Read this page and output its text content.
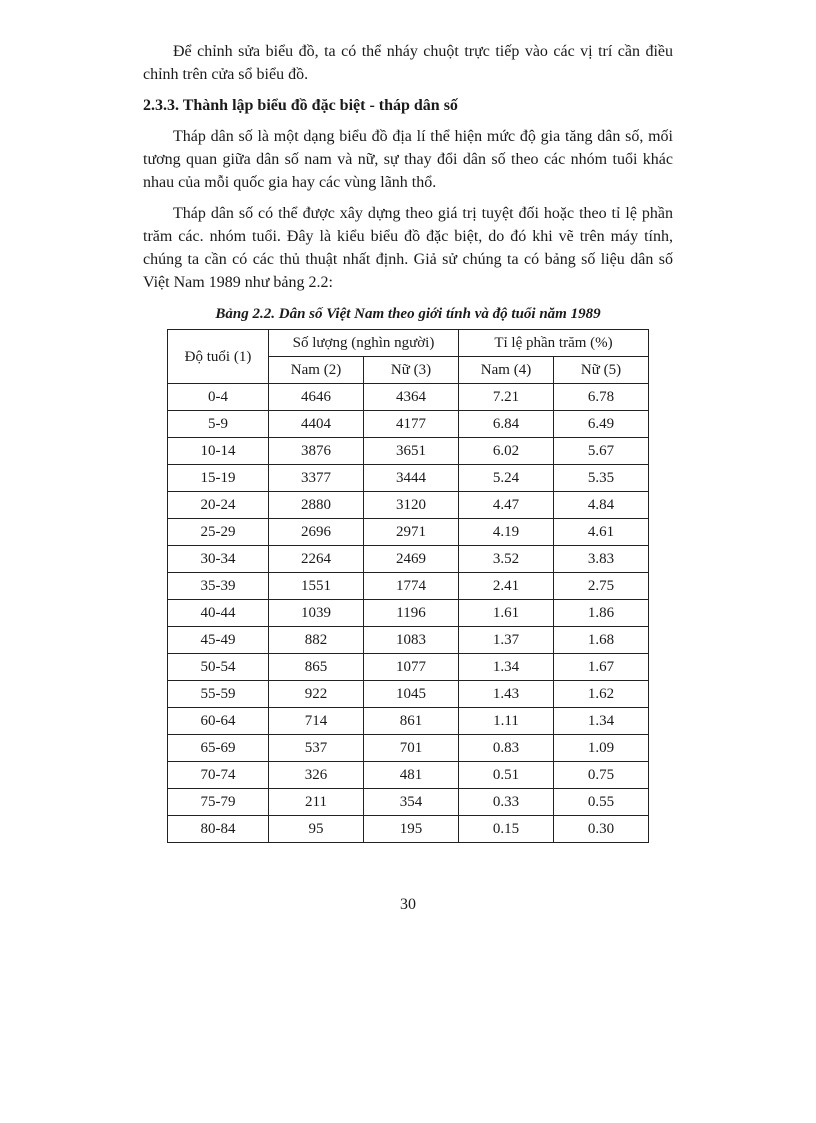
Để chỉnh sửa biểu đồ, ta có thể nháy chuột trực tiếp vào các vị trí cần điều chỉnh trên cửa sổ biểu đồ.

2.3.3. Thành lập biểu đồ đặc biệt - tháp dân số

Tháp dân số là một dạng biểu đồ địa lí thể hiện mức độ gia tăng dân số, mối tương quan giữa dân số nam và nữ, sự thay đổi dân số theo các nhóm tuổi khác nhau của mỗi quốc gia hay các vùng lãnh thổ.

Tháp dân số có thể được xây dựng theo giá trị tuyệt đối hoặc theo tỉ lệ phần trăm các. nhóm tuổi. Đây là kiểu biểu đồ đặc biệt, do đó khi vẽ trên máy tính, chúng ta cần có các thủ thuật nhất định. Giả sử chúng ta có bảng số liệu dân số Việt Nam 1989 như bảng 2.2:

Bảng 2.2. Dân số Việt Nam theo giới tính và độ tuổi năm 1989
Độ tuổi (1)	Số lượng (nghìn người)		Tỉ lệ phần trăm (%)	
	Nam (2)	Nữ (3)	Nam (4)	Nữ (5)
0-4	4646	4364	7.21	6.78
5-9	4404	4177	6.84	6.49
10-14	3876	3651	6.02	5.67
15-19	3377	3444	5.24	5.35
20-24	2880	3120	4.47	4.84
25-29	2696	2971	4.19	4.61
30-34	2264	2469	3.52	3.83
35-39	1551	1774	2.41	2.75
40-44	1039	1196	1.61	1.86
45-49	882	1083	1.37	1.68
50-54	865	1077	1.34	1.67
55-59	922	1045	1.43	1.62
60-64	714	861	1.11	1.34
65-69	537	701	0.83	1.09
70-74	326	481	0.51	0.75
75-79	211	354	0.33	0.55
80-84	95	195	0.15	0.30
30
